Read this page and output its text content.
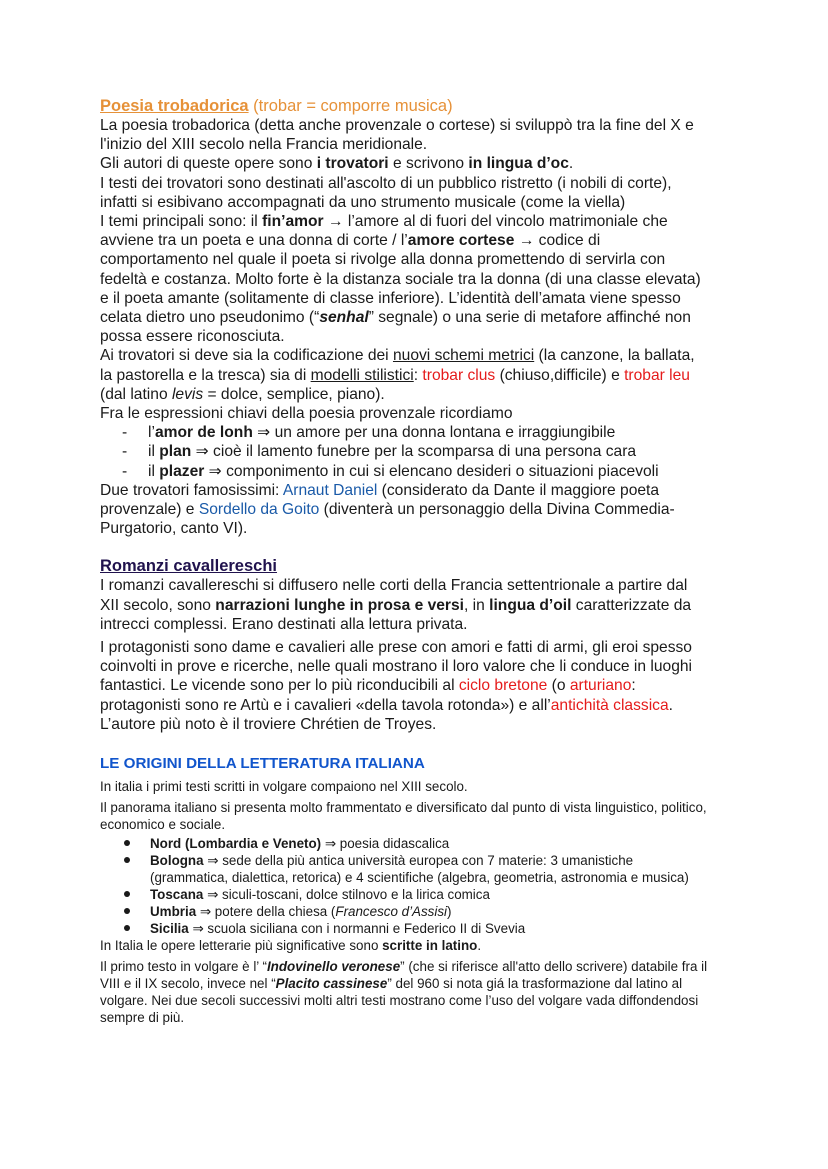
Poesia trobadorica (trobar = comporre musica)

La poesia trobadorica (detta anche provenzale o cortese) si sviluppò tra la fine del X e l'inizio del XIII secolo nella Francia meridionale.

Gli autori di queste opere sono i trovatori e scrivono in lingua d’oc.

I testi dei trovatori sono destinati all'ascolto di un pubblico ristretto (i nobili di corte), infatti si esibivano accompagnati da uno strumento musicale (come la viella)

I temi principali sono: il fin’amor → l’amore al di fuori del vincolo matrimoniale che avviene tra un poeta e una donna di corte / l’amore cortese → codice di comportamento nel quale il poeta si rivolge alla donna promettendo di servirla con fedeltà e costanza. Molto forte è la distanza sociale tra la donna (di una classe elevata) e il poeta amante (solitamente di classe inferiore). L’identità dell’amata viene spesso celata dietro uno pseudonimo (“senhal” segnale) o una serie di metafore affinché non possa essere riconosciuta.

Ai trovatori si deve sia la codificazione dei nuovi schemi metrici (la canzone, la ballata, la pastorella e la tresca) sia di modelli stilistici: trobar clus (chiuso,difficile) e trobar leu (dal latino levis = dolce, semplice, piano).

Fra le espressioni chiavi della poesia provenzale ricordiamo

- l’amor de lonh ⇒ un amore per una donna lontana e irraggiungibile
- il plan ⇒ cioè il lamento funebre per la scomparsa di una persona cara
- il plazer ⇒ componimento in cui si elencano desideri o situazioni piacevoli

Due trovatori famosissimi: Arnaut Daniel (considerato da Dante il maggiore poeta provenzale) e Sordello da Goito (diventerà un personaggio della Divina Commedia- Purgatorio, canto VI).

Romanzi cavallereschi

I romanzi cavallereschi si diffusero nelle corti della Francia settentrionale a partire dal XII secolo, sono narrazioni lunghe in prosa e versi, in lingua d’oil caratterizzate da intrecci complessi. Erano destinati alla lettura privata.

I protagonisti sono dame e cavalieri alle prese con amori e fatti di armi, gli eroi spesso coinvolti in prove e ricerche, nelle quali mostrano il loro valore che li conduce in luoghi fantastici. Le vicende sono per lo più riconducibili al ciclo bretone (o arturiano: protagonisti sono re Artù e i cavalieri «della tavola rotonda») e all’antichità classica. L’autore più noto è il troviere Chrétien de Troyes.

LE ORIGINI DELLA LETTERATURA ITALIANA

In italia i primi testi scritti in volgare compaiono nel XIII secolo.

Il panorama italiano si presenta molto frammentato e diversificato dal punto di vista linguistico, politico, economico e sociale.

Nord (Lombardia e Veneto) ⇒ poesia didascalica
Bologna ⇒ sede della più antica università europea con 7 materie: 3 umanistiche (grammatica, dialettica, retorica) e 4 scientifiche (algebra, geometria, astronomia e musica)
Toscana ⇒ siculi-toscani, dolce stilnovo e la lirica comica
Umbria ⇒ potere della chiesa (Francesco d’Assisi)
Sicilia ⇒ scuola siciliana con i normanni e Federico II di Svevia

In Italia le opere letterarie più significative sono scritte in latino.

Il primo testo in volgare è l’ “Indovinello veronese” (che si riferisce all'atto dello scrivere) databile fra il VIII e il IX secolo, invece nel “Placito cassinese” del 960 si nota giá la trasformazione dal latino al volgare. Nei due secoli successivi molti altri testi mostrano come l’uso del volgare vada diffondendosi sempre di più.
